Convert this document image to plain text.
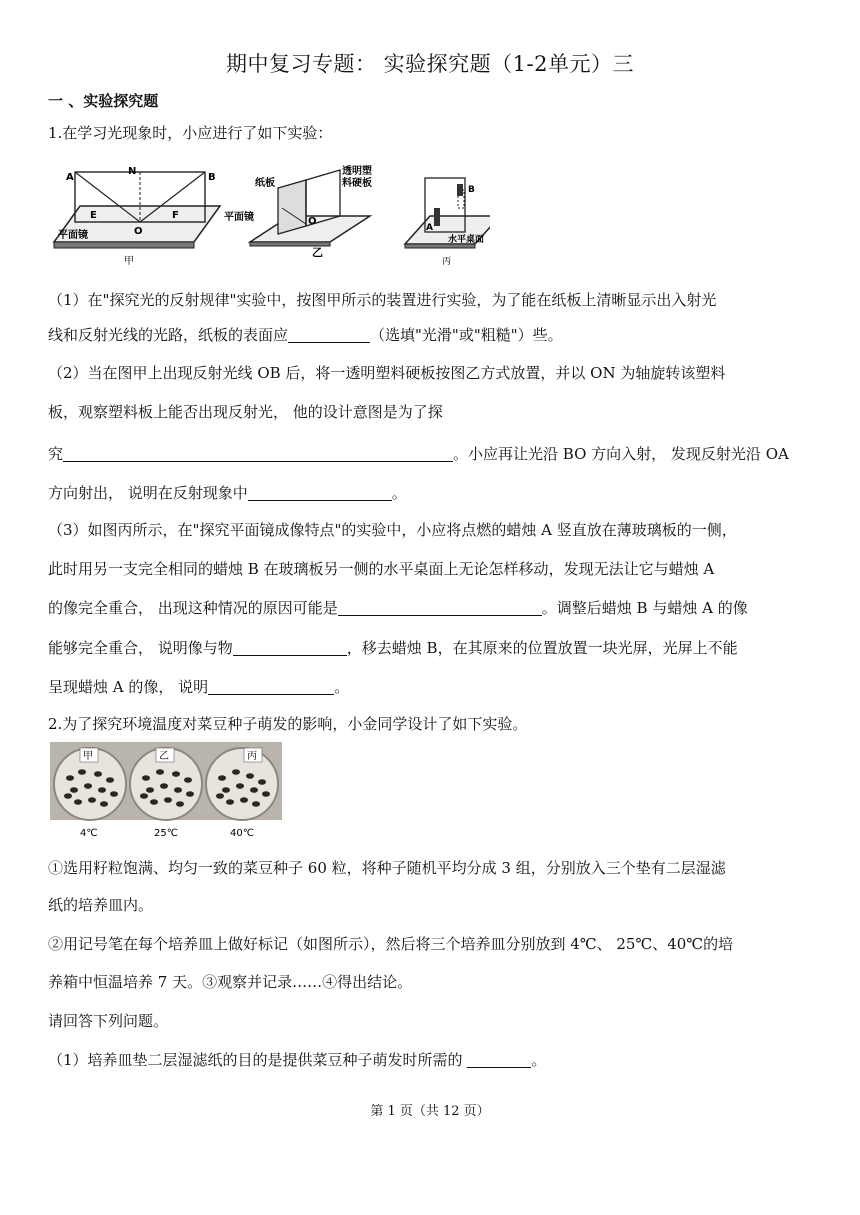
期中复习专题： 实验探究题（1-2单元）三
一 、实验探究题
1.在学习光现象时，小应进行了如下实验：
A
N
B
E
O
F
平面镜
甲
纸板
透明塑
料硬板
平面镜	O
乙
A
B
水平桌面
丙
（1）在"探究光的反射规律"实验中，按图甲所示的装置进行实验，为了能在纸板上清晰显示出入射光
线和反射光线的光路，纸板的表面应	（选填"光滑"或"粗糙"）些。
（2）当在图甲上出现反射光线 OB 后，将一透明塑料硬板按图乙方式放置，并以 ON 为轴旋转该塑料
板，观察塑料板上能否出现反射光， 他的设计意图是为了探
究	。小应再让光沿 BO 方向入射， 发现反射光沿 OA
方向射出， 说明在反射现象中	。
（3）如图丙所示，在"探究平面镜成像特点"的实验中，小应将点燃的蜡烛 A 竖直放在薄玻璃板的一侧，
此时用另一支完全相同的蜡烛 B 在玻璃板另一侧的水平桌面上无论怎样移动，发现无法让它与蜡烛 A
的像完全重合， 出现这种情况的原因可能是	。调整后蜡烛 B 与蜡烛 A 的像
能够完全重合， 说明像与物	，移去蜡烛 B，在其原来的位置放置一块光屏，光屏上不能
呈现蜡烛 A 的像， 说明	。
2.为了探究环境温度对菜豆种子萌发的影响，小金同学设计了如下实验。
甲	乙	丙
4℃	25℃	40℃
①选用籽粒饱满、均匀一致的菜豆种子 60 粒，将种子随机平均分成 3 组，分别放入三个垫有二层湿滤
纸的培养皿内。
②用记号笔在每个培养皿上做好标记（如图所示），然后将三个培养皿分别放到 4℃、 25℃、40℃的培
养箱中恒温培养 7 天。③观察并记录……④得出结论。
请回答下列问题。
（1）培养皿垫二层湿滤纸的目的是提供菜豆种子萌发时所需的	。
第 1 页（共 12 页）
